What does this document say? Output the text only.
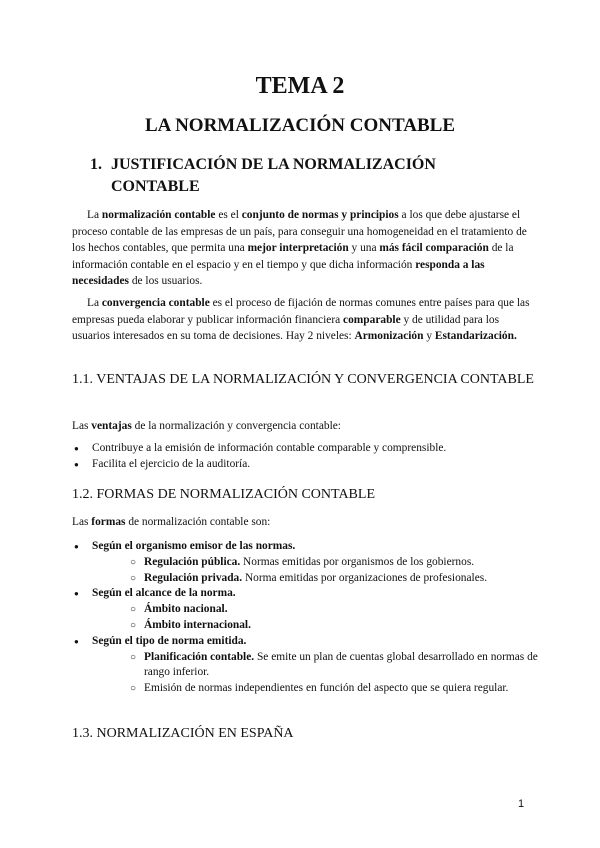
TEMA 2
LA NORMALIZACIÓN CONTABLE
1. JUSTIFICACIÓN DE LA NORMALIZACIÓN CONTABLE

La normalización contable es el conjunto de normas y principios a los que debe ajustarse el proceso contable de las empresas de un país, para conseguir una homogeneidad en el tratamiento de los hechos contables, que permita una mejor interpretación y una más fácil comparación de la información contable en el espacio y en el tiempo y que dicha información responda a las necesidades de los usuarios.

La convergencia contable es el proceso de fijación de normas comunes entre países para que las empresas pueda elaborar y publicar información financiera comparable y de utilidad para los usuarios interesados en su toma de decisiones. Hay 2 niveles: Armonización y Estandarización.

1.1. VENTAJAS DE LA NORMALIZACIÓN Y CONVERGENCIA CONTABLE

Las ventajas de la normalización y convergencia contable:

● Contribuye a la emisión de información contable comparable y comprensible.
● Facilita el ejercicio de la auditoría.
1.2. FORMAS DE NORMALIZACIÓN CONTABLE

Las formas de normalización contable son:

● Según el organismo emisor de las normas.
○ Regulación pública. Normas emitidas por organismos de los gobiernos.
○ Regulación privada. Norma emitidas por organizaciones de profesionales.
● Según el alcance de la norma.
○ Ámbito nacional.
○ Ámbito internacional.
● Según el tipo de norma emitida.
○ Planificación contable. Se emite un plan de cuentas global desarrollado en normas de rango inferior.
○ Emisión de normas independientes en función del aspecto que se quiera regular.
1.3. NORMALIZACIÓN EN ESPAÑA
1
